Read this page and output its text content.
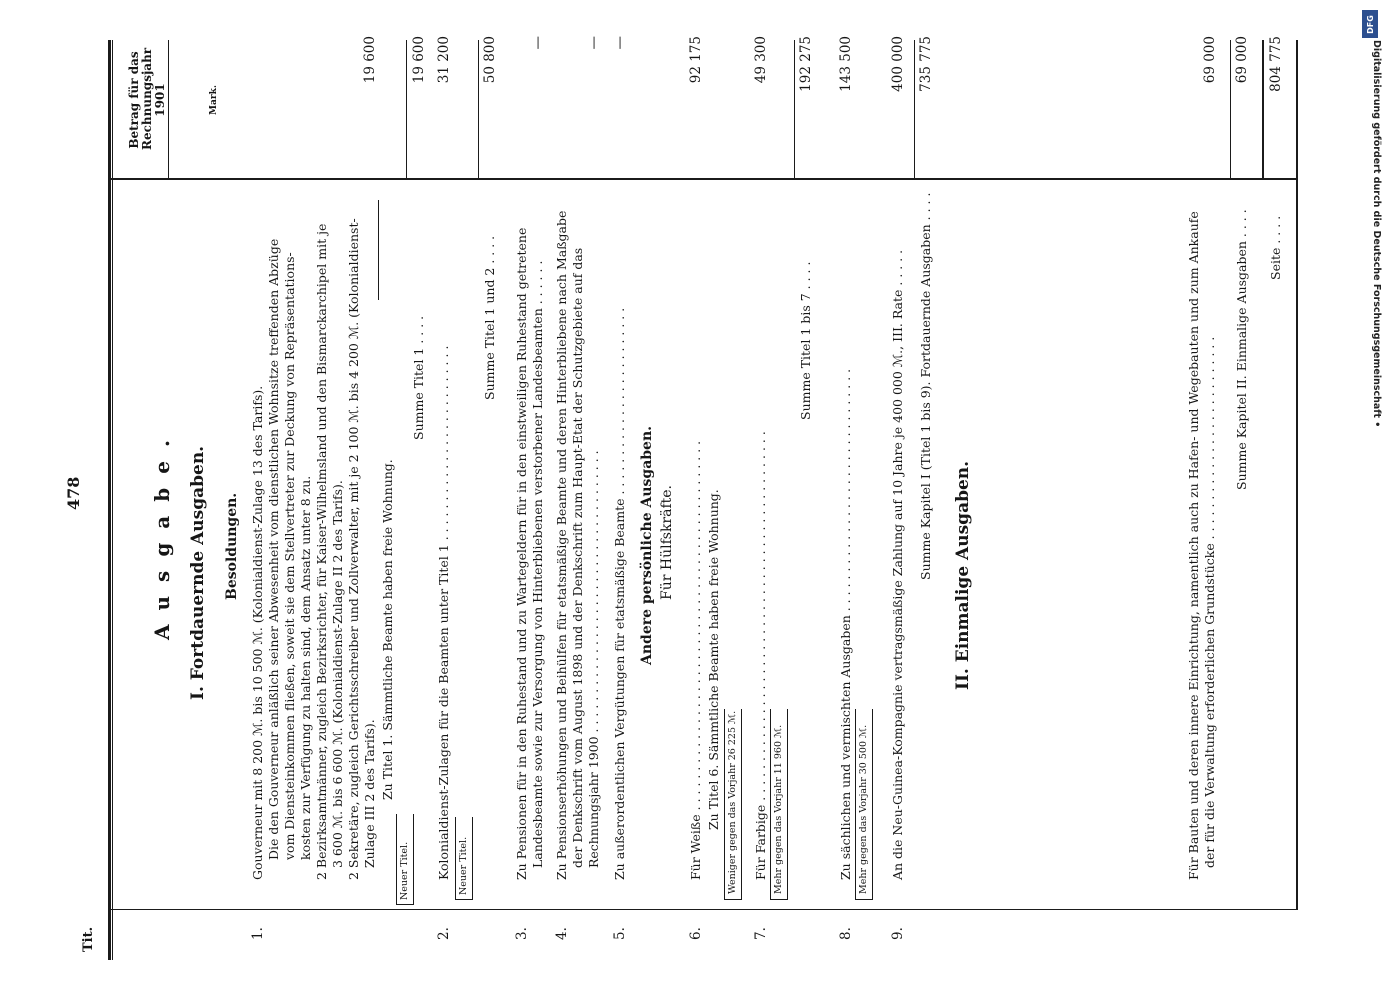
478
Tit.
Ausgabe.
Betrag für das Rechnungsjahr 1901	Mark.
I. Fortdauernde Ausgaben. Besoldungen.
1.
Gouverneur mit 8 200 ℳ. bis 10 500 ℳ. (Kolonialdienst-Zulage 13 des Tarifs). Die den Gouverneur anläßlich seiner Abwesenheit vom dienstlichen Wohnsitze treffenden Abzüge vom Diensteinkommen fließen, soweit sie dem Stellvertreter zur Deckung von Repräsentations- kosten zur Verfügung zu halten sind, dem Ansatz unter 8 zu. 2 Bezirksamtmänner, zugleich Bezirksrichter, für Kaiser-Wilhelmsland und den Bismarckarchipel mit je 3 600 ℳ. bis 6 600 ℳ. (Kolonialdienst-Zulage II 2 des Tarifs). 2 Sekretäre, zugleich Gerichtsschreiber und Zollverwalter, mit je 2 100 ℳ. bis 4 200 ℳ. (Kolonialdienst- Zulage III 2 des Tarifs). Zu Titel 1. Sämmtliche Beamte haben freie Wohnung.
Neuer Titel.
19 600
Summe Titel 1 . . . .
19 600
2.
Kolonialdienst-Zulagen für die Beamten unter Titel 1 . . . . . . . . . . . . . . . . . . . . . . . . . Neuer Titel.
31 200
Summe Titel 1 und 2 . . . .
50 800
3.
Zu Pensionen für in den Ruhestand und zu Wartegeldern für in den einstweiligen Ruhestand getretene Landesbeamte sowie zur Versorgung von Hinterbliebenen verstorbener Landesbeamten . . . . . .
—
4.
Zu Pensionserhöhungen und Beihülfen für etatsmäßige Beamte und deren Hinterbliebene nach Maßgabe der Denkschrift vom August 1898 und der Denkschrift zum Haupt-Etat der Schutzgebiete auf das Rechnungsjahr 1900 . . . . . . . . . . . . . . . . . . . . . . . . . . . . . . . . . . . .
—
5.
Zu außerordentlichen Vergütungen für etatsmäßige Beamte . . . . . . . . . . . . . . . . . . . . . . . .
—
Andere persönliche Ausgaben. Für Hülfskräfte.
6.
Für Weiße . . . . . . . . . . . . . . . . . . . . . . . . . . . . . . . . . . . . . . . . . . . . . . . Zu Titel 6. Sämmtliche Beamte haben freie Wohnung. Weniger gegen das Vorjahr 26 225 ℳ.
92 175
7.
Für Farbige . . . . . . . . . . . . . . . . . . . . . . . . . . . . . . . . . . . . . . . . . . . . . . . Mehr gegen das Vorjahr 11 960 ℳ.
49 300
Summe Titel 1 bis 7 . . . .
192 275
8.
Zu sächlichen und vermischten Ausgaben . . . . . . . . . . . . . . . . . . . . . . . . . . . . . . . Mehr gegen das Vorjahr 30 500 ℳ.
143 500
9.
An die Neu-Guinea-Kompagnie vertragsmäßige Zahlung auf 10 Jahre je 400 000 ℳ., III. Rate . . . . .
400 000
Summe Kapitel I (Titel 1 bis 9). Fortdauernde Ausgaben . . . .
735 775
II. Einmalige Ausgaben.	Für Bauten und deren innere Einrichtung, namentlich auch zu Hafen- und Wegebauten und zum Ankaufe der für die Verwaltung erforderlichen Grundstücke . . . . . . . . . . . . . . . . . . . . . . . . . .
69 000
Summe Kapitel II. Einmalige Ausgaben . . . .
69 000
Seite . . . .
804 775
DFG
Digitalisierung gefördert durch die Deutsche Forschungsgemeinschaft •
